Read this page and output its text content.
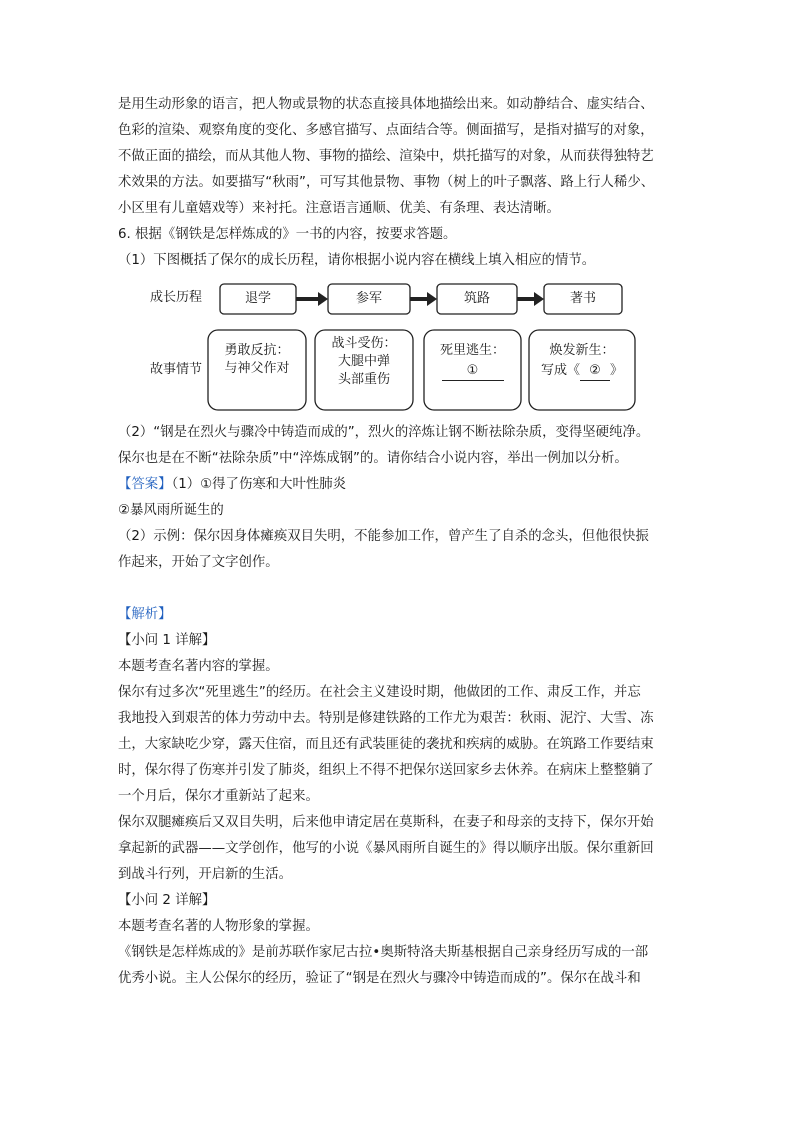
是用生动形象的语言，把人物或景物的状态直接具体地描绘出来。如动静结合、虚实结合、
色彩的渲染、观察角度的变化、多感官描写、点面结合等。侧面描写，是指对描写的对象，
不做正面的描绘，而从其他人物、事物的描绘、渲染中，烘托描写的对象，从而获得独特艺
术效果的方法。如要描写“秋雨”，可写其他景物、事物（树上的叶子飘落、路上行人稀少、
小区里有儿童嬉戏等）来衬托。注意语言通顺、优美、有条理、表达清晰。
6. 根据《钢铁是怎样炼成的》一书的内容，按要求答题。
（1）下图概括了保尔的成长历程，请你根据小说内容在横线上填入相应的情节。
成长历程
故事情节
退学	参军	筑路	著书
勇敢反抗：
与神父作对
战斗受伤：
大腿中弹
头部重伤
死里逃生：
①
焕发新生：
写成《 ② 》
（2）“钢是在烈火与骤冷中铸造而成的”，烈火的淬炼让钢不断祛除杂质，变得坚硬纯净。
保尔也是在不断“祛除杂质”中“淬炼成钢”的。请你结合小说内容，举出一例加以分析。
【答案】（1）①得了伤寒和大叶性肺炎
②暴风雨所诞生的
（2）示例：保尔因身体瘫痪双目失明，不能参加工作，曾产生了自杀的念头，但他很快振
作起来，开始了文字创作。
【解析】
【小问 1 详解】
本题考查名著内容的掌握。
保尔有过多次“死里逃生”的经历。在社会主义建设时期，他做团的工作、肃反工作，并忘
我地投入到艰苦的体力劳动中去。特别是修建铁路的工作尤为艰苦：秋雨、泥泞、大雪、冻
土，大家缺吃少穿，露天住宿，而且还有武装匪徒的袭扰和疾病的威胁。在筑路工作要结束
时，保尔得了伤寒并引发了肺炎，组织上不得不把保尔送回家乡去休养。在病床上整整躺了
一个月后，保尔才重新站了起来。
保尔双腿瘫痪后又双目失明，后来他申请定居在莫斯科，在妻子和母亲的支持下，保尔开始
拿起新的武器——文学创作，他写的小说《暴风雨所自诞生的》得以顺序出版。保尔重新回
到战斗行列，开启新的生活。
【小问 2 详解】
本题考查名著的人物形象的掌握。
《钢铁是怎样炼成的》是前苏联作家尼古拉•奥斯特洛夫斯基根据自己亲身经历写成的一部
优秀小说。主人公保尔的经历，验证了“钢是在烈火与骤冷中铸造而成的”。保尔在战斗和
